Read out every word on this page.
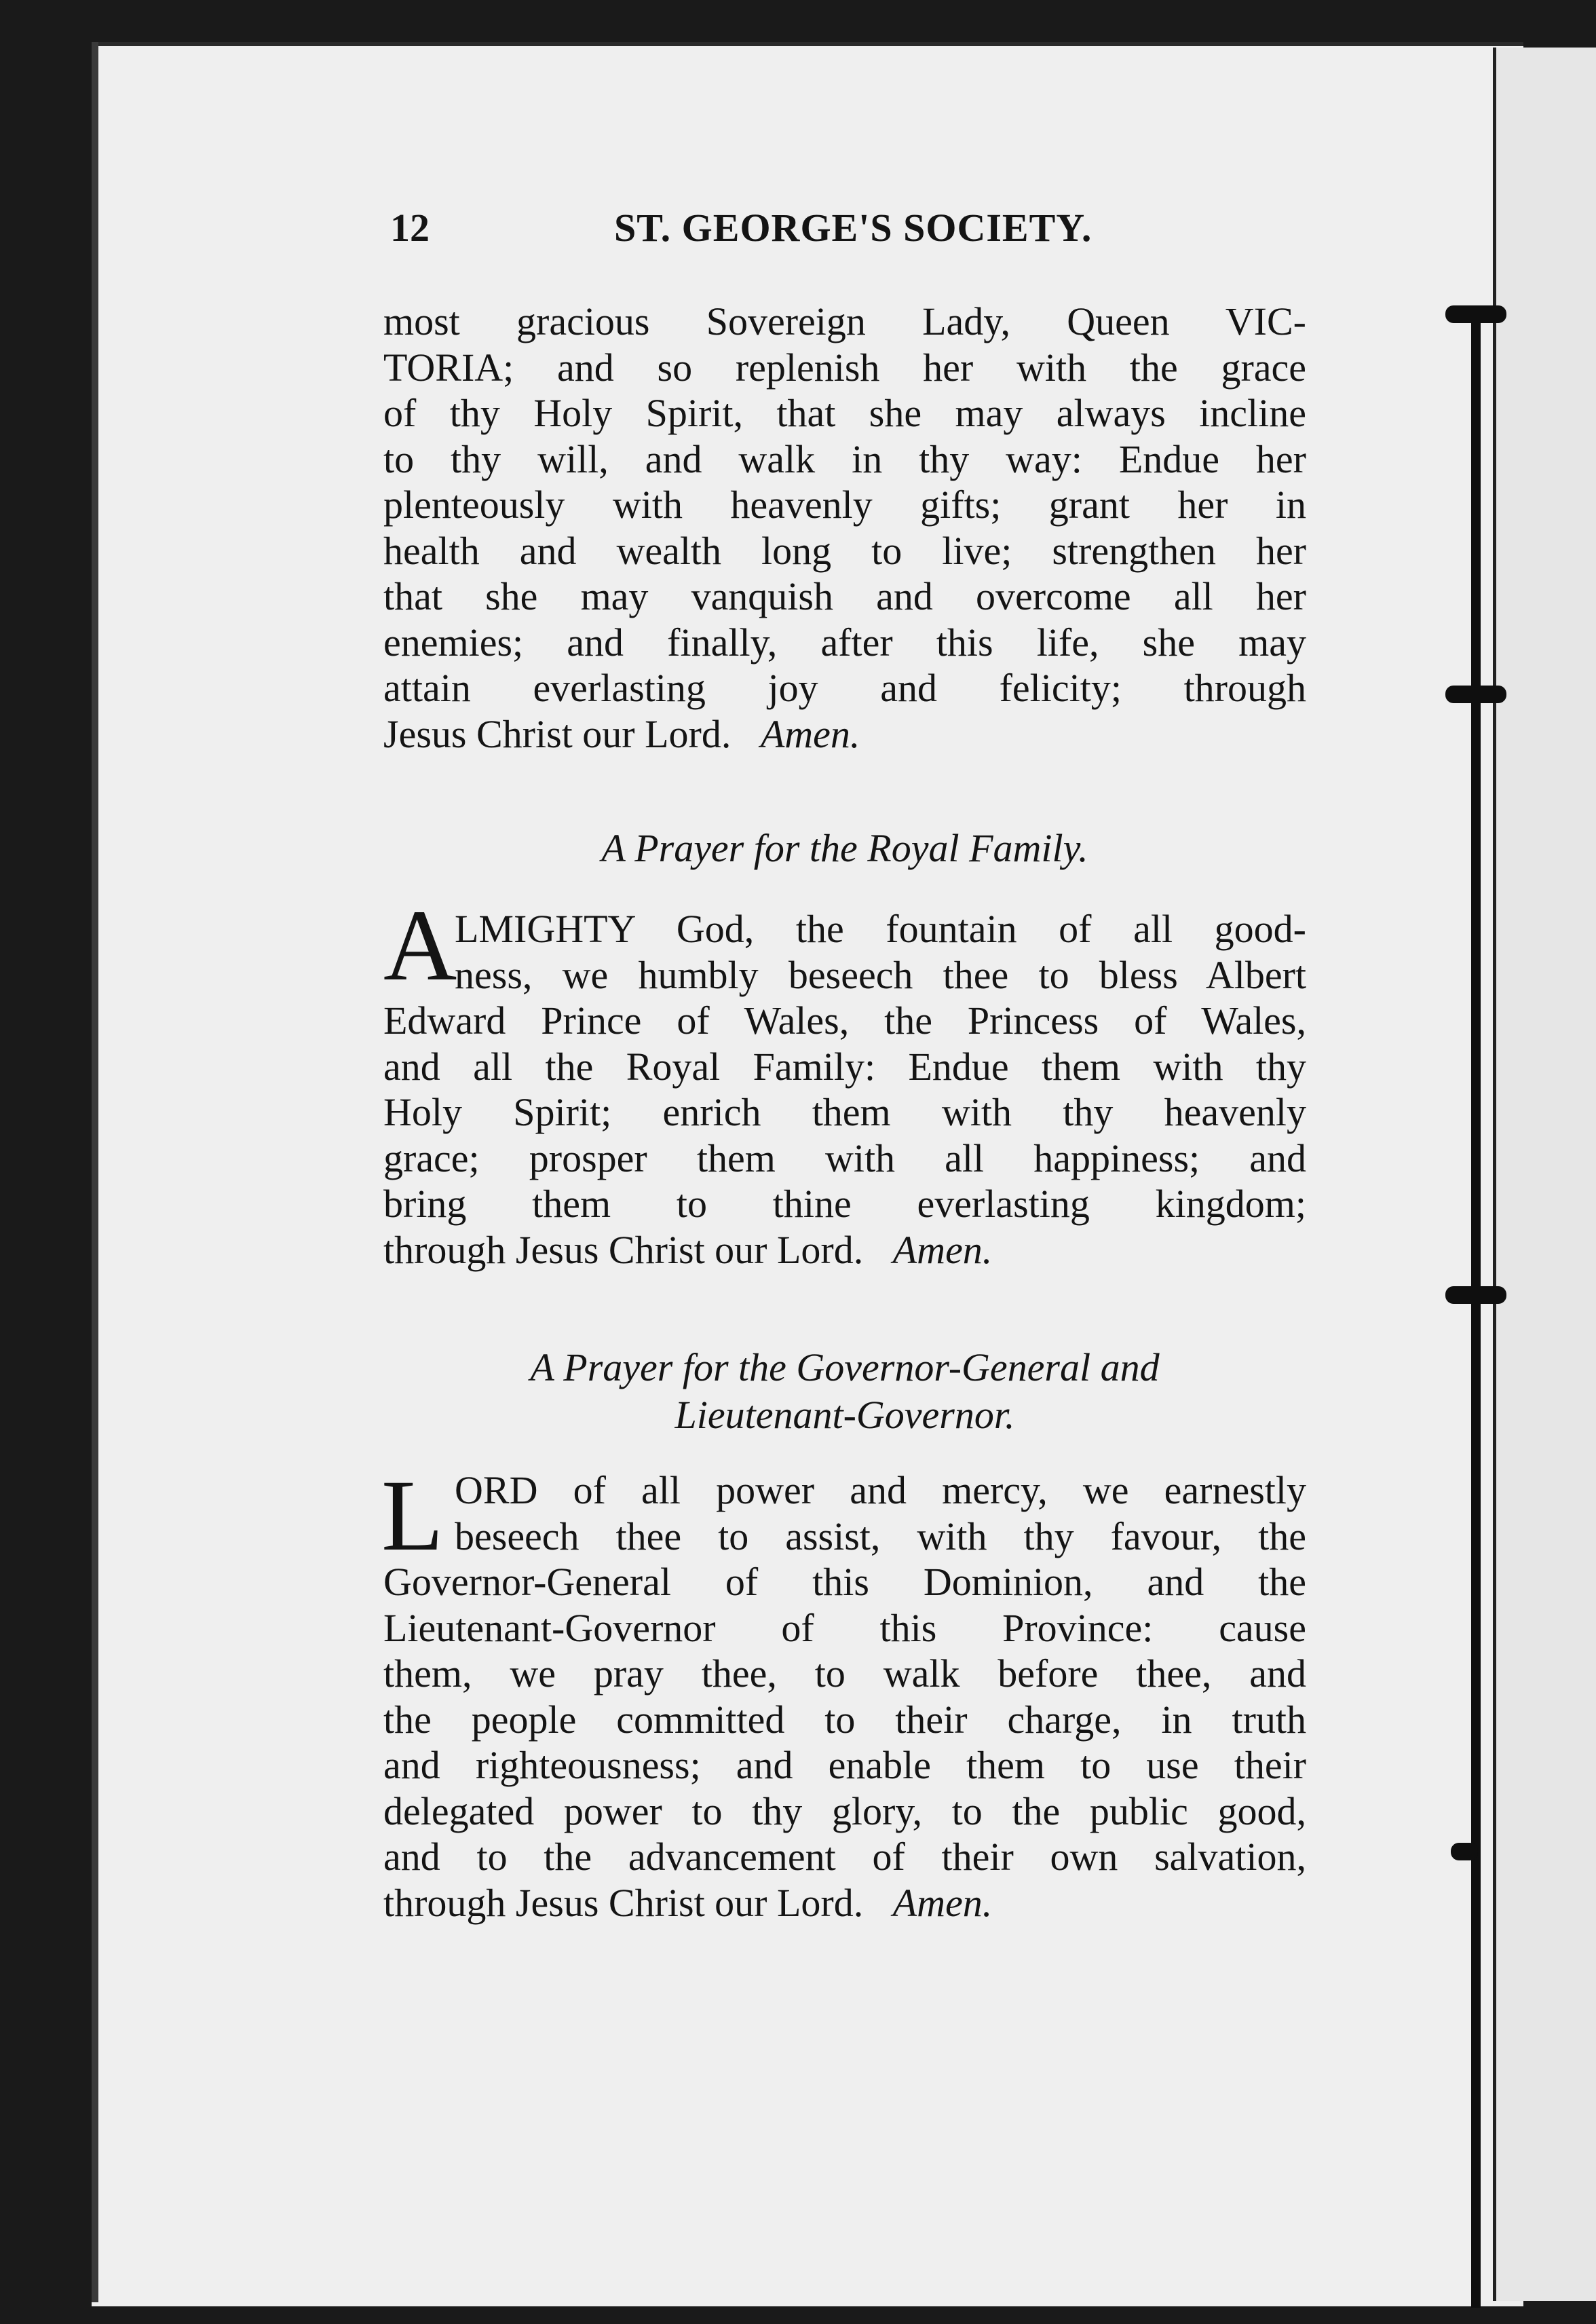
12	ST. GEORGE'S SOCIETY.
most gracious Sovereign Lady, Queen VIC-
TORIA; and so replenish her with the grace
of thy Holy Spirit, that she may always incline
to thy will, and walk in thy way: Endue her
plenteously with heavenly gifts; grant her in
health and wealth long to live; strengthen her
that she may vanquish and overcome all her
enemies; and finally, after this life, she may
attain everlasting joy and felicity; through
Jesus Christ our Lord. Amen.
A Prayer for the Royal Family.
A
LMIGHTY God, the fountain of all good-
ness, we humbly beseech thee to bless Albert
Edward Prince of Wales, the Princess of Wales,
and all the Royal Family: Endue them with thy
Holy Spirit; enrich them with thy heavenly
grace; prosper them with all happiness; and
bring them to thine everlasting kingdom;
through Jesus Christ our Lord. Amen.
A Prayer for the Governor-General and
Lieutenant-Governor.
L ORD of all power and mercy, we earnestly
beseech thee to assist, with thy favour, the
Governor-General of this Dominion, and the
Lieutenant-Governor of this Province: cause
them, we pray thee, to walk before thee, and
the people committed to their charge, in truth
and righteousness; and enable them to use their
delegated power to thy glory, to the public good,
and to the advancement of their own salvation,
through Jesus Christ our Lord. Amen.
